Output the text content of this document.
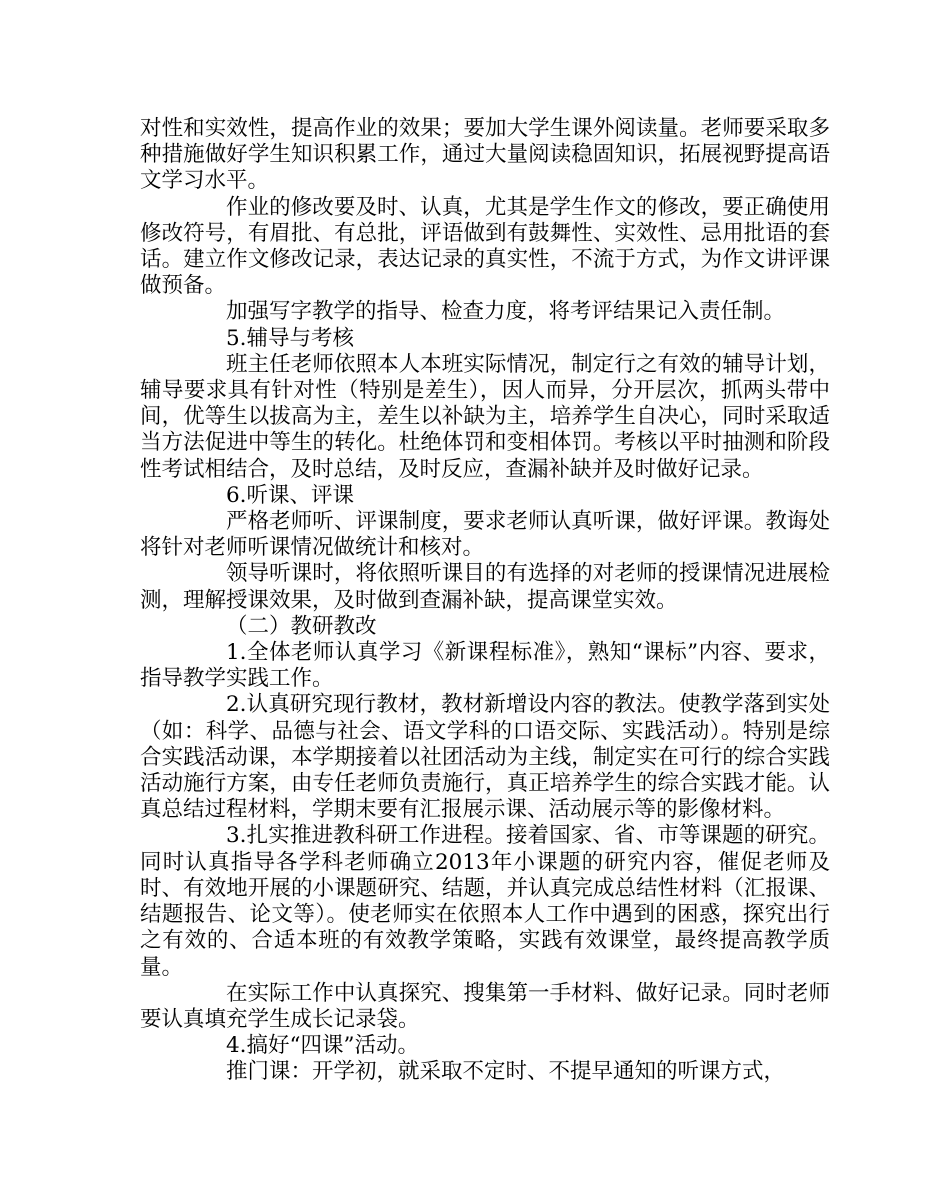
对性和实效性，提高作业的效果；要加大学生课外阅读量。老师要采取多种措施做好学生知识积累工作，通过大量阅读稳固知识，拓展视野提高语文学习水平。

作业的修改要及时、认真，尤其是学生作文的修改，要正确使用修改符号，有眉批、有总批，评语做到有鼓舞性、实效性、忌用批语的套话。建立作文修改记录，表达记录的真实性，不流于方式，为作文讲评课做预备。

加强写字教学的指导、检查力度，将考评结果记入责任制。

5.辅导与考核

班主任老师依照本人本班实际情况，制定行之有效的辅导计划，辅导要求具有针对性（特别是差生），因人而异，分开层次，抓两头带中间，优等生以拔高为主，差生以补缺为主，培养学生自决心，同时采取适当方法促进中等生的转化。杜绝体罚和变相体罚。考核以平时抽测和阶段性考试相结合，及时总结，及时反应，查漏补缺并及时做好记录。

6.听课、评课

严格老师听、评课制度，要求老师认真听课，做好评课。教诲处将针对老师听课情况做统计和核对。

领导听课时，将依照听课目的有选择的对老师的授课情况进展检测，理解授课效果，及时做到查漏补缺，提高课堂实效。

（二）教研教改

1.全体老师认真学习《新课程标准》，熟知“课标”内容、要求，指导教学实践工作。

2.认真研究现行教材，教材新增设内容的教法。使教学落到实处（如：科学、品德与社会、语文学科的口语交际、实践活动）。特别是综合实践活动课，本学期接着以社团活动为主线，制定实在可行的综合实践活动施行方案，由专任老师负责施行，真正培养学生的综合实践才能。认真总结过程材料，学期末要有汇报展示课、活动展示等的影像材料。

3.扎实推进教科研工作进程。接着国家、省、市等课题的研究。同时认真指导各学科老师确立2013年小课题的研究内容，催促老师及时、有效地开展的小课题研究、结题，并认真完成总结性材料（汇报课、结题报告、论文等）。使老师实在依照本人工作中遇到的困惑，探究出行之有效的、合适本班的有效教学策略，实践有效课堂，最终提高教学质量。

在实际工作中认真探究、搜集第一手材料、做好记录。同时老师要认真填充学生成长记录袋。

4.搞好“四课”活动。

推门课：开学初，就采取不定时、不提早通知的听课方式，
